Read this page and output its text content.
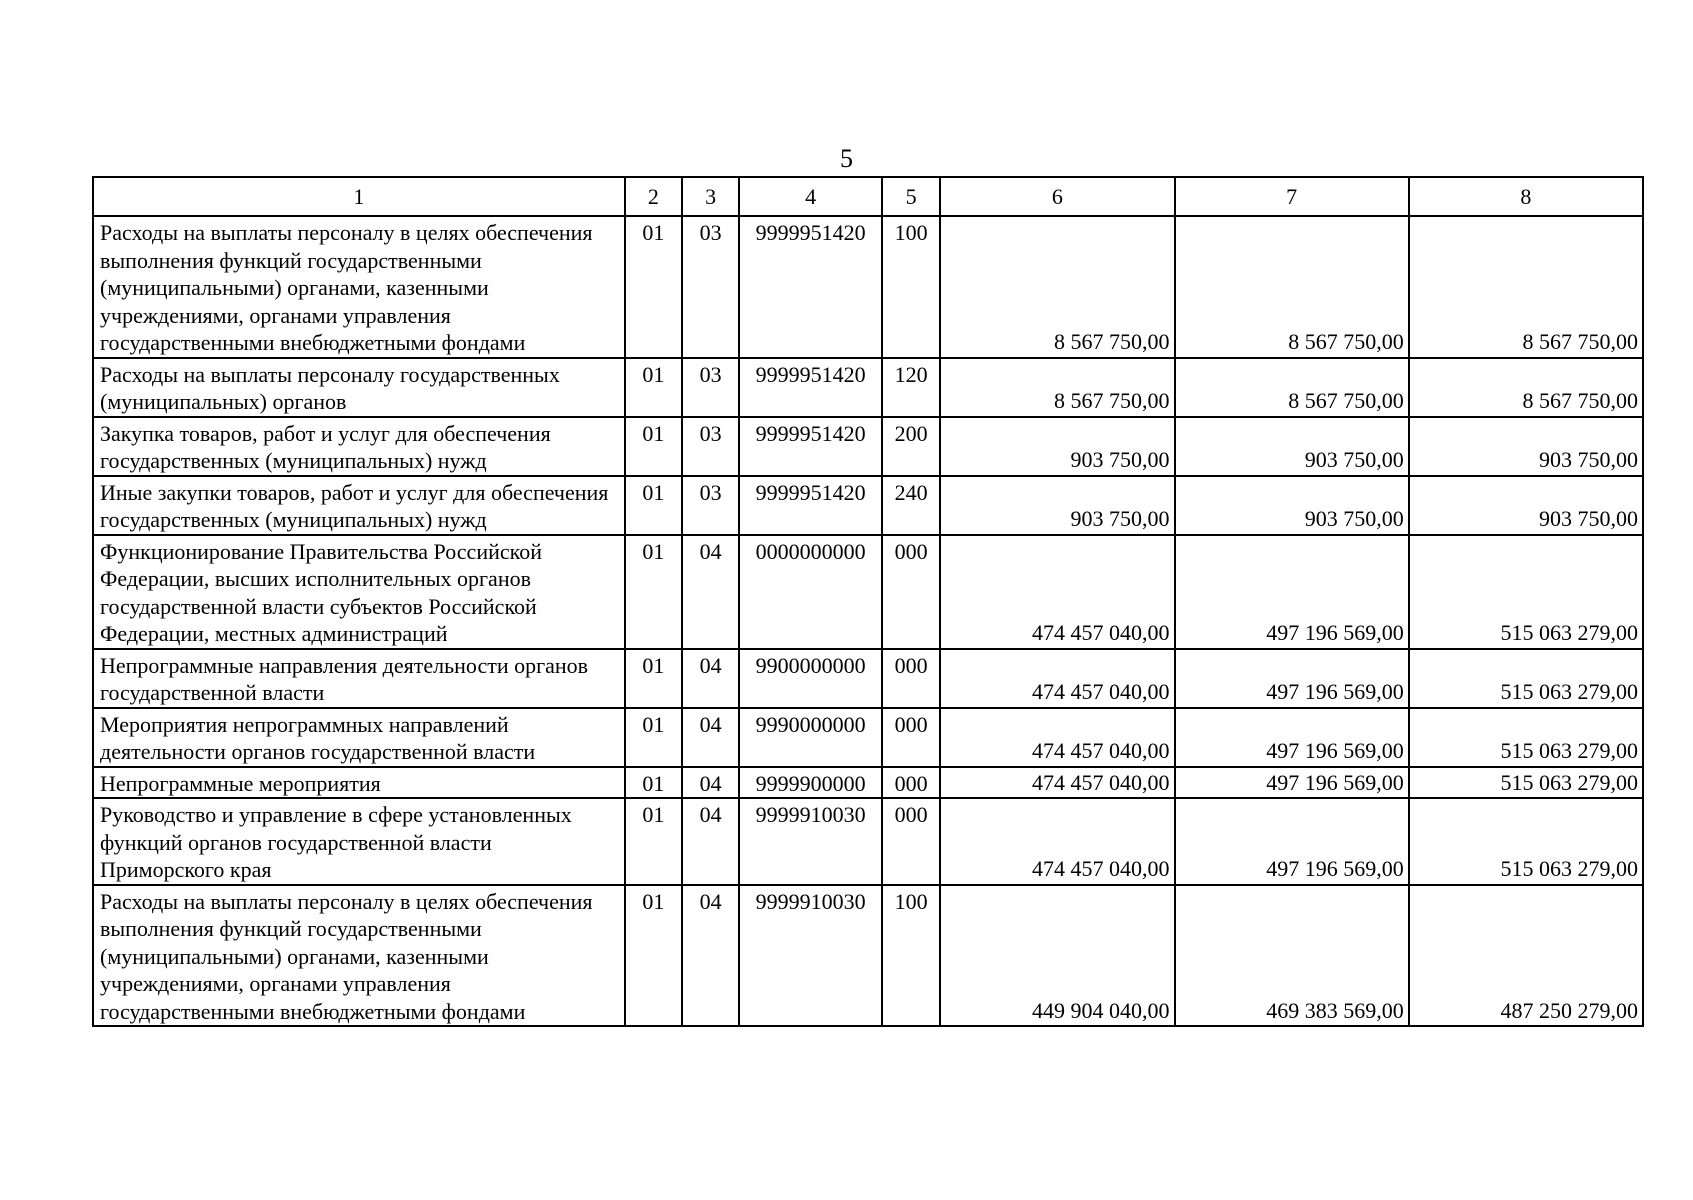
5
1	2	3	4	5	6	7	8
Расходы на выплаты персоналу в целях обеспечения выполнения функций государственными (муниципальными) органами, казенными учреждениями, органами управления государственными внебюджетными фондами	01	03	9999951420	100	8 567 750,00	8 567 750,00	8 567 750,00
Расходы на выплаты персоналу государственных (муниципальных) органов	01	03	9999951420	120	8 567 750,00	8 567 750,00	8 567 750,00
Закупка товаров, работ и услуг для обеспечения государственных (муниципальных) нужд	01	03	9999951420	200	903 750,00	903 750,00	903 750,00
Иные закупки товаров, работ и услуг для обеспечения государственных (муниципальных) нужд	01	03	9999951420	240	903 750,00	903 750,00	903 750,00
Функционирование Правительства Российской Федерации, высших исполнительных органов государственной власти субъектов Российской Федерации, местных администраций	01	04	0000000000	000	474 457 040,00	497 196 569,00	515 063 279,00
Непрограммные направления деятельности органов государственной власти	01	04	9900000000	000	474 457 040,00	497 196 569,00	515 063 279,00
Мероприятия непрограммных направлений деятельности органов государственной власти	01	04	9990000000	000	474 457 040,00	497 196 569,00	515 063 279,00
Непрограммные мероприятия	01	04	9999900000	000	474 457 040,00	497 196 569,00	515 063 279,00
Руководство и управление в сфере установленных функций органов государственной власти Приморского края	01	04	9999910030	000	474 457 040,00	497 196 569,00	515 063 279,00
Расходы на выплаты персоналу в целях обеспечения выполнения функций государственными (муниципальными) органами, казенными учреждениями, органами управления государственными внебюджетными фондами	01	04	9999910030	100	449 904 040,00	469 383 569,00	487 250 279,00
